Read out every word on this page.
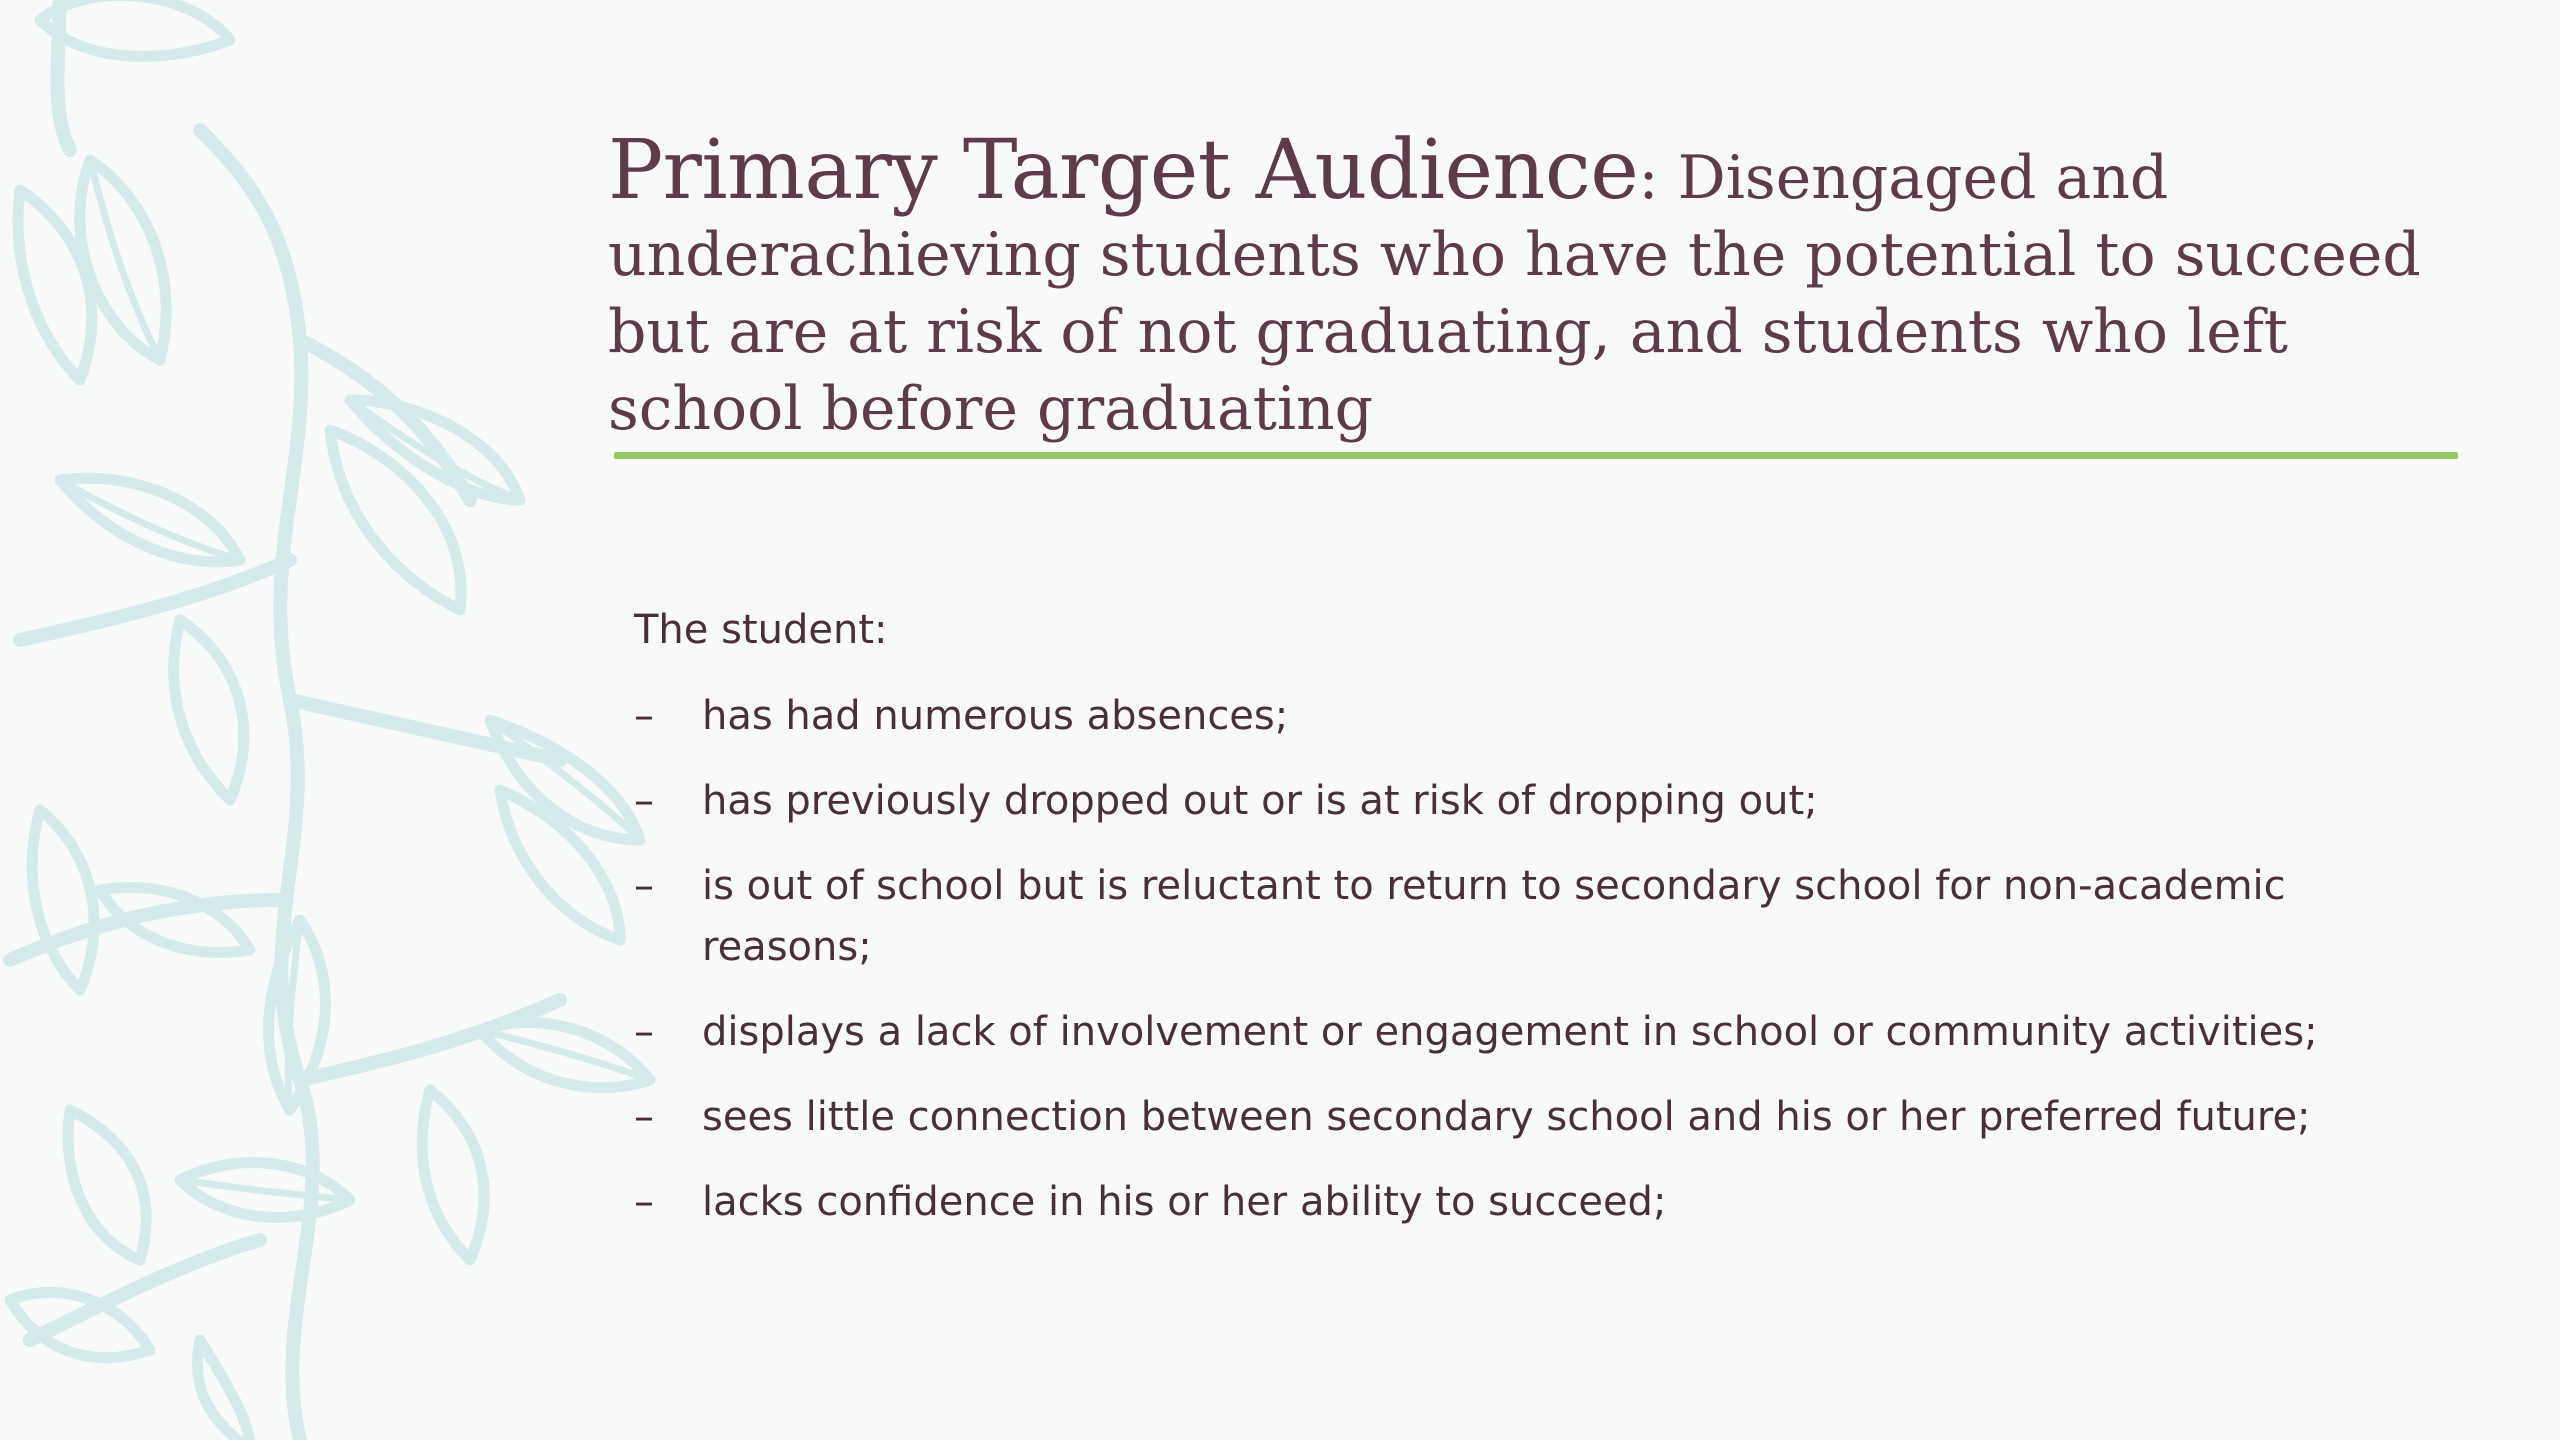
Primary Target Audience: Disengaged and underachieving students who have the potential to succeed but are at risk of not graduating, and students who left school before graduating

The student:

– has had numerous absences;
– has previously dropped out or is at risk of dropping out;
– is out of school but is reluctant to return to secondary school for non-academic reasons;
– displays a lack of involvement or engagement in school or community activities;
– sees little connection between secondary school and his or her preferred future;
– lacks confidence in his or her ability to succeed;
